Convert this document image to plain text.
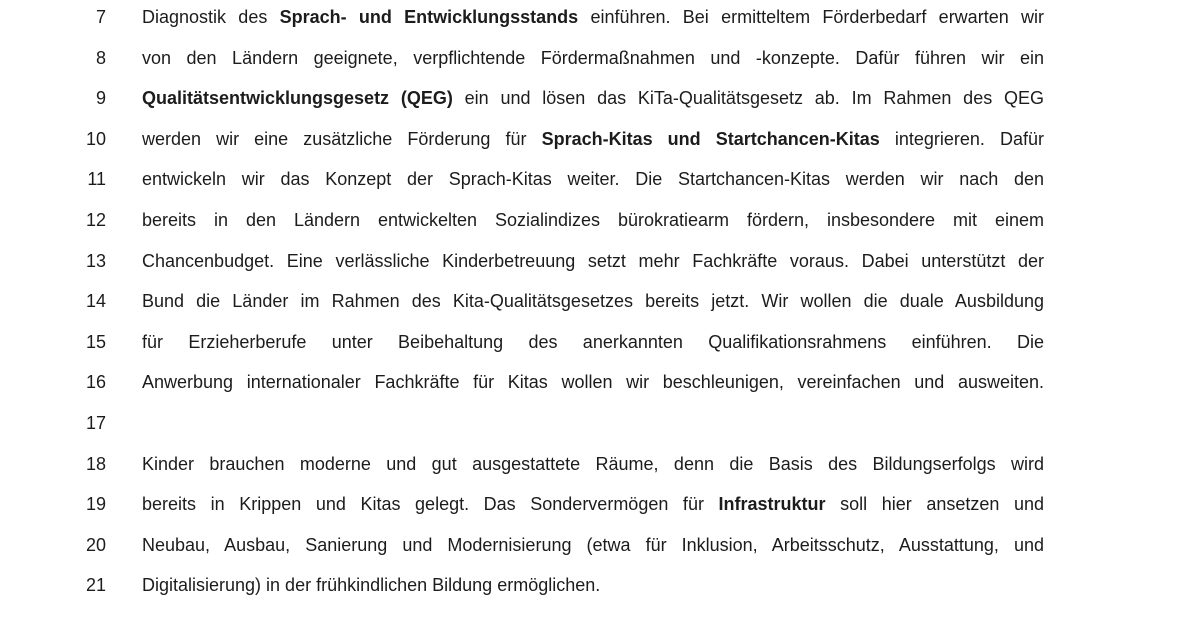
7 Diagnostik des Sprach- und Entwicklungsstands einführen. Bei ermitteltem Förderbedarf erwarten wir
8 von den Ländern geeignete, verpflichtende Fördermaßnahmen und -konzepte. Dafür führen wir ein
9 Qualitätsentwicklungsgesetz (QEG) ein und lösen das KiTa-Qualitätsgesetz ab. Im Rahmen des QEG
10 werden wir eine zusätzliche Förderung für Sprach-Kitas und Startchancen-Kitas integrieren. Dafür
11 entwickeln wir das Konzept der Sprach-Kitas weiter. Die Startchancen-Kitas werden wir nach den
12 bereits in den Ländern entwickelten Sozialindizes bürokratiearm fördern, insbesondere mit einem
13 Chancenbudget. Eine verlässliche Kinderbetreuung setzt mehr Fachkräfte voraus. Dabei unterstützt der
14 Bund die Länder im Rahmen des Kita-Qualitätsgesetzes bereits jetzt. Wir wollen die duale Ausbildung
15 für Erzieherberufe unter Beibehaltung des anerkannten Qualifikationsrahmens einführen. Die
16 Anwerbung internationaler Fachkräfte für Kitas wollen wir beschleunigen, vereinfachen und ausweiten.
17
18 Kinder brauchen moderne und gut ausgestattete Räume, denn die Basis des Bildungserfolgs wird
19 bereits in Krippen und Kitas gelegt. Das Sondervermögen für Infrastruktur soll hier ansetzen und
20 Neubau, Ausbau, Sanierung und Modernisierung (etwa für Inklusion, Arbeitsschutz, Ausstattung, und
21 Digitalisierung) in der frühkindlichen Bildung ermöglichen.
